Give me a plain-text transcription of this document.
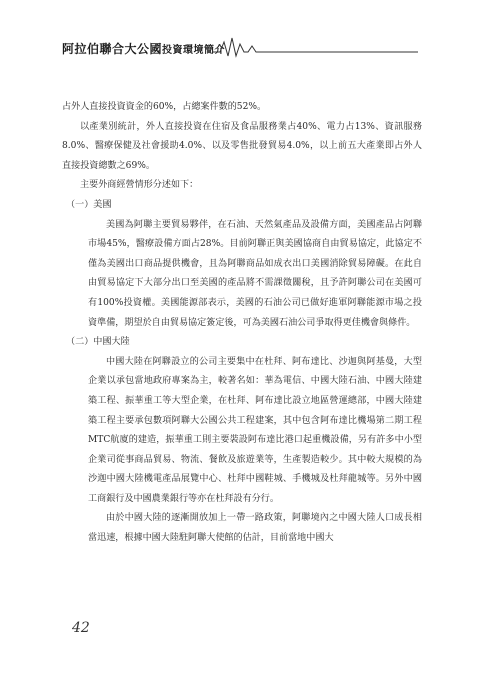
阿拉伯聯合大公國投資環境簡介

占外人直接投資資金的60%，占總案件數的52%。

以產業別統計，外人直接投資在住宿及食品服務業占40%、電力占13%、資訊服務8.0%、醫療保健及社會援助4.0%、以及零售批發貿易4.0%，以上前五大產業即占外人直接投資總數之69%。

主要外商經營情形分述如下：

（一）美國

美國為阿聯主要貿易夥伴，在石油、天然氣產品及設備方面，美國產品占阿聯市場45%，醫療設備方面占28%。目前阿聯正與美國協商自由貿易協定，此協定不僅為美國出口商品提供機會，且為阿聯商品如成衣出口美國消除貿易障礙。在此自由貿易協定下大部分出口至美國的產品將不需課徵關稅，且予許阿聯公司在美國可有100%投資權。美國能源部表示，美國的石油公司已做好進軍阿聯能源市場之投資準備，期望於自由貿易協定簽定後，可為美國石油公司爭取得更佳機會與條件。

（二）中國大陸

中國大陸在阿聯設立的公司主要集中在杜拜、阿布達比、沙迦與阿基曼，大型企業以承包當地政府專案為主，較著名如：華為電信、中國大陸石油、中國大陸建築工程、振華重工等大型企業，在杜拜、阿布達比設立地區營運總部，中國大陸建築工程主要承包數項阿聯大公國公共工程建案，其中包含阿布達比機場第二期工程MTC航廈的建造，振華重工則主要裝設阿布達比港口起重機設備，另有許多中小型企業司從事商品貿易、物流、餐飲及旅遊業等，生產製造較少。其中較大規模的為沙迦中國大陸機電產品展覽中心、杜拜中國鞋城、手機城及杜拜龍城等。另外中國工商銀行及中國農業銀行等亦在杜拜設有分行。

由於中國大陸的逐漸開放加上一帶一路政策，阿聯境內之中國大陸人口成長相當迅速，根據中國大陸駐阿聯大使館的估計，目前當地中國大

42
